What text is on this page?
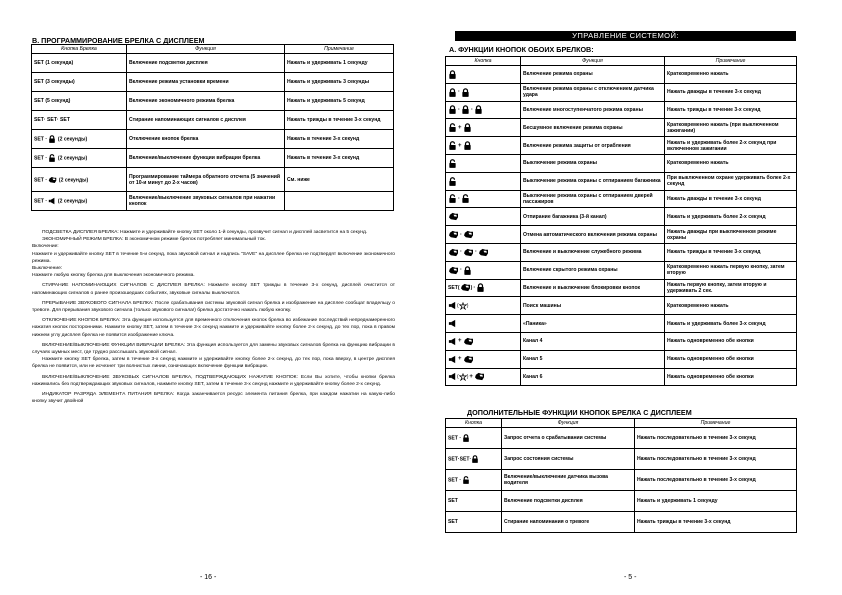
B. ПРОГРАММИРОВАНИЕ БРЕЛКА С ДИСПЛЕЕМ
Кнопка Брелка	Функция	Примечание
SET (1 секунда)	Включение подсветки дисплея	Нажать и удерживать 1 секунду
SET (3 секунды)	Включение режима установки времени	Нажать и удерживать 3 секунды
SET (5 секунд)	Включение экономичного режима брелка	Нажать и удерживать 5 секунд
SET· SET· SET	Стирание напоминающих сигналов с дисплея	Нажать трижды в течение 3-х секунд
SET · (2 секунды)	Отключение кнопок брелка	Нажать в течение 3-х секунд
SET · (2 секунды)	Включение/выключение функции вибрации брелка	Нажать в течение 3-х секунд
SET · (2 секунды)	Программирование таймера обратного отсчета (5 значений от 10-и минут до 2-х часов)	См. ниже
SET · (2 секунды)	Включение/выключение звуковых сигналов при нажатии кнопок	

ПОДСВЕТКА ДИСПЛЕЯ БРЕЛКА: Нажмите и удерживайте кнопку SET около 1-й секунды, прозвучит сигнал и дисплей засветится на 5 секунд.

ЭКОНОМИЧНЫЙ РЕЖИМ БРЕЛКА: В экономичном режиме брелок потребляет минимальный ток.

Включение:

Нажмите и удерживайте кнопку SET в течение 5-и секунд, пока звуковой сигнал и надпись "SAVE" на дисплее брелка не подтвердят включение экономичного режима.

Выключение:

Нажмите любую кнопку брелка для выключения экономичного режима.

СТИРАНИЕ НАПОМИНАЮЩИХ СИГНАЛОВ С ДИСПЛЕЯ БРЕЛКА: Нажмите кнопку SET трижды в течение 3-х секунд, дисплей очистится от напоминающих сигналов о ранее произошедших событиях, звуковые сигналы выключатся.

ПРЕРЫВАНИЕ ЗВУКОВОГО СИГНАЛА БРЕЛКА: После срабатывания системы звуковой сигнал брелка и изображение на дисплее сообщат владельцу о тревоге. Для прерывания звукового сигнала (только звукового сигнала!) брелка достаточно нажать любую кнопку.

ОТКЛЮЧЕНИЕ КНОПОК БРЕЛКА: Эта функция используется для временного отключения кнопок брелка во избежание последствий непреднамеренного нажатия кнопок посторонними. Нажмите кнопку SET, затем в течение 3-х секунд нажмите и удерживайте кнопку более 2-х секунд, до тех пор, пока в правом нижнем углу дисплея брелка не появится изображение ключа.

ВКЛЮЧЕНИЕ/ВЫКЛЮЧЕНИЕ ФУНКЦИИ ВИБРАЦИИ БРЕЛКА: Эта функция используется для замены звуковых сигналов брелка на функцию вибрации в случаях шумных мест, где трудно расслышать звуковой сигнал.

Нажмите кнопку SET брелка, затем в течение 3-х секунд нажмите и удерживайте кнопку более 2-х секунд, до тех пор, пока вверху, в центре дисплея брелка не появится, или не исчезнет три волнистых линии, означающих включение функции вибрации.

ВКЛЮЧЕНИЕ/ВЫКЛЮЧЕНИЕ ЗВУКОВЫХ СИГНАЛОВ БРЕЛКА, ПОДТВЕРЖДАЮЩИХ НАЖАТИЕ КНОПОК: Если Вы хотите, чтобы кнопки брелка нажимались без подтверждающих звуковых сигналов, нажмите кнопку SET, затем в течение 3-х секунд нажмите и удерживайте кнопку более 2-х секунд.

ИНДИКАТОР РАЗРЯДА ЭЛЕМЕНТА ПИТАНИЯ БРЕЛКА: Когда заканчивается ресурс элемента питания брелка, при каждом нажатии на какую-либо кнопку звучит двойной

- 16 -
УПРАВЛЕНИЕ СИСТЕМОЙ:
A. ФУНКЦИИ КНОПОК ОБОИХ БРЕЛКОВ:
Кнопка	Функция	Примечание
	Включение режима охраны	Кратковременно нажать
·	Включение режима охраны с отключением датчика удара	Нажать дважды в течение 3-х секунд
· ·	Включение многоступенчатого режима охраны	Нажать трижды в течение 3-х секунд
+	Бесшумное включение режима охраны	Кратковременно нажать (при выключенном зажигании)
+	Включение режима защиты от ограбления	Нажать и удерживать более 2-х секунд при включенном зажигании
	Выключение режима охраны	Кратковременно нажать
	Выключение режима охраны с отпиранием багажника	При выключенном охране удерживать более 2-х секунд
·	Выключение режима охраны с отпиранием дверей пассажиров	Нажать дважды в течение 3-х секунд
	Отпирание багажника (3-й канал)	Нажать и удерживать более 2-х секунд
·	Отмена автоматического включения режима охраны	Нажать дважды при выключенном режиме охраны
· ·	Включение и выключение служебного режима	Нажать трижды в течение 3-х секунд
·	Включение скрытого режима охраны	Кратковременно нажать первую кнопку, затем вторую
SET( )·	Включение и выключение блокировки кнопок	Нажать первую кнопку, затем вторую и удерживать 2 сек.
( )	Поиск машины	Кратковременно нажать
	«Паника»	Нажать и удерживать более 3-х секунд
+	Канал 4	Нажать одновременно обе кнопки
+	Канал 5	Нажать одновременно обе кнопки
( )+	Канал 6	Нажать одновременно обе кнопки
ДОПОЛНИТЕЛЬНЫЕ ФУНКЦИИ КНОПОК БРЕЛКА С ДИСПЛЕЕМ
Кнопка	Функция	Примечание
SET ·	Запрос отчета о срабатывании системы	Нажать последовательно в течение 3-х секунд
SET·SET·	Запрос состояния системы	Нажать последовательно в течение 3-х секунд
SET ·	Включение/выключение датчика вызова водителя	Нажать последовательно в течение 3-х секунд
SET	Включение подсветки дисплея	Нажать и удерживать 1 секунду
SET	Стирание напоминания о тревоге	Нажать трижды в течение 3-х секунд
- 5 -
